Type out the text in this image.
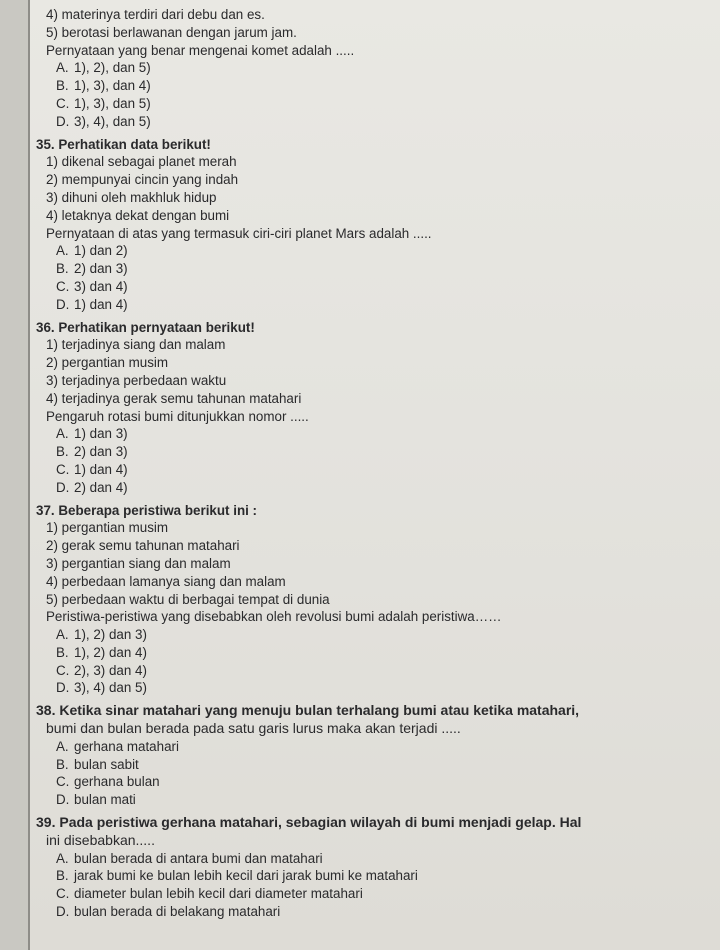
4) materinya terdiri dari debu dan es.
5) berotasi berlawanan dengan jarum jam.
Pernyataan yang benar mengenai komet adalah .....
A. 1), 2), dan 5)
B. 1), 3), dan 4)
C. 1), 3), dan 5)
D. 3), 4), dan 5)
35. Perhatikan data berikut!
1) dikenal sebagai planet merah
2) mempunyai cincin yang indah
3) dihuni oleh makhluk hidup
4) letaknya dekat dengan bumi
Pernyataan di atas yang termasuk ciri-ciri planet Mars adalah .....
A. 1) dan 2)
B. 2) dan 3)
C. 3) dan 4)
D. 1) dan 4)
36. Perhatikan pernyataan berikut!
1) terjadinya siang dan malam
2) pergantian musim
3) terjadinya perbedaan waktu
4) terjadinya gerak semu tahunan matahari
Pengaruh rotasi bumi ditunjukkan nomor .....
A. 1) dan 3)
B. 2) dan 3)
C. 1) dan 4)
D. 2) dan 4)
37. Beberapa peristiwa berikut ini :
1) pergantian musim
2) gerak semu tahunan matahari
3) pergantian siang dan malam
4) perbedaan lamanya siang dan malam
5) perbedaan waktu di berbagai tempat di dunia
Peristiwa-peristiwa yang disebabkan oleh revolusi bumi adalah peristiwa……
A. 1), 2) dan 3)
B. 1), 2) dan 4)
C. 2), 3) dan 4)
D. 3), 4) dan 5)
38. Ketika sinar matahari yang menuju bulan terhalang bumi atau ketika matahari,
bumi dan bulan berada pada satu garis lurus maka akan terjadi .....
A. gerhana matahari
B. bulan sabit
C. gerhana bulan
D. bulan mati
39. Pada peristiwa gerhana matahari, sebagian wilayah di bumi menjadi gelap. Hal
ini disebabkan.....
A. bulan berada di antara bumi dan matahari
B. jarak bumi ke bulan lebih kecil dari jarak bumi ke matahari
C. diameter bulan lebih kecil dari diameter matahari
D. bulan berada di belakang matahari
